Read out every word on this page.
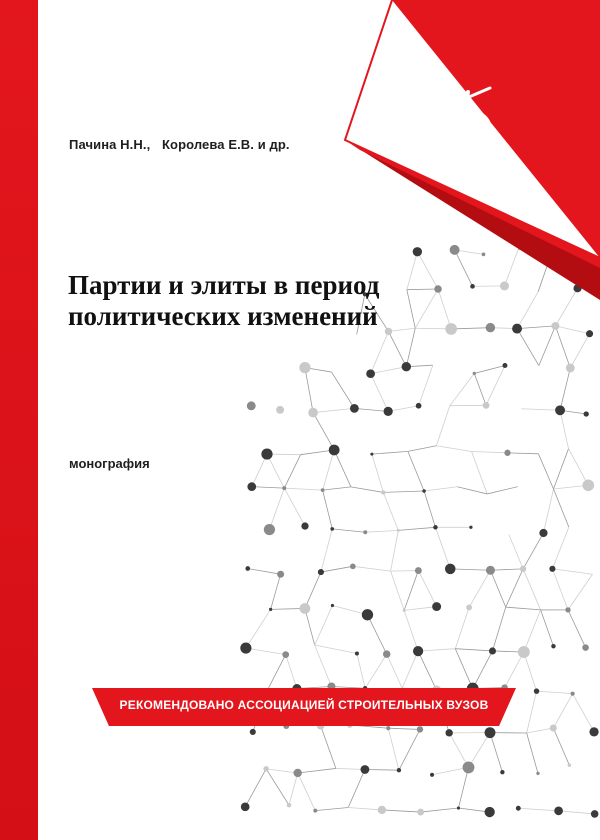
Пачина Н.Н., Королева Е.В. и др.
Партии и элиты в период
политических изменений
монография
РЕКОМЕНДОВАНО АССОЦИАЦИЕЙ СТРОИТЕЛЬНЫХ ВУЗОВ
